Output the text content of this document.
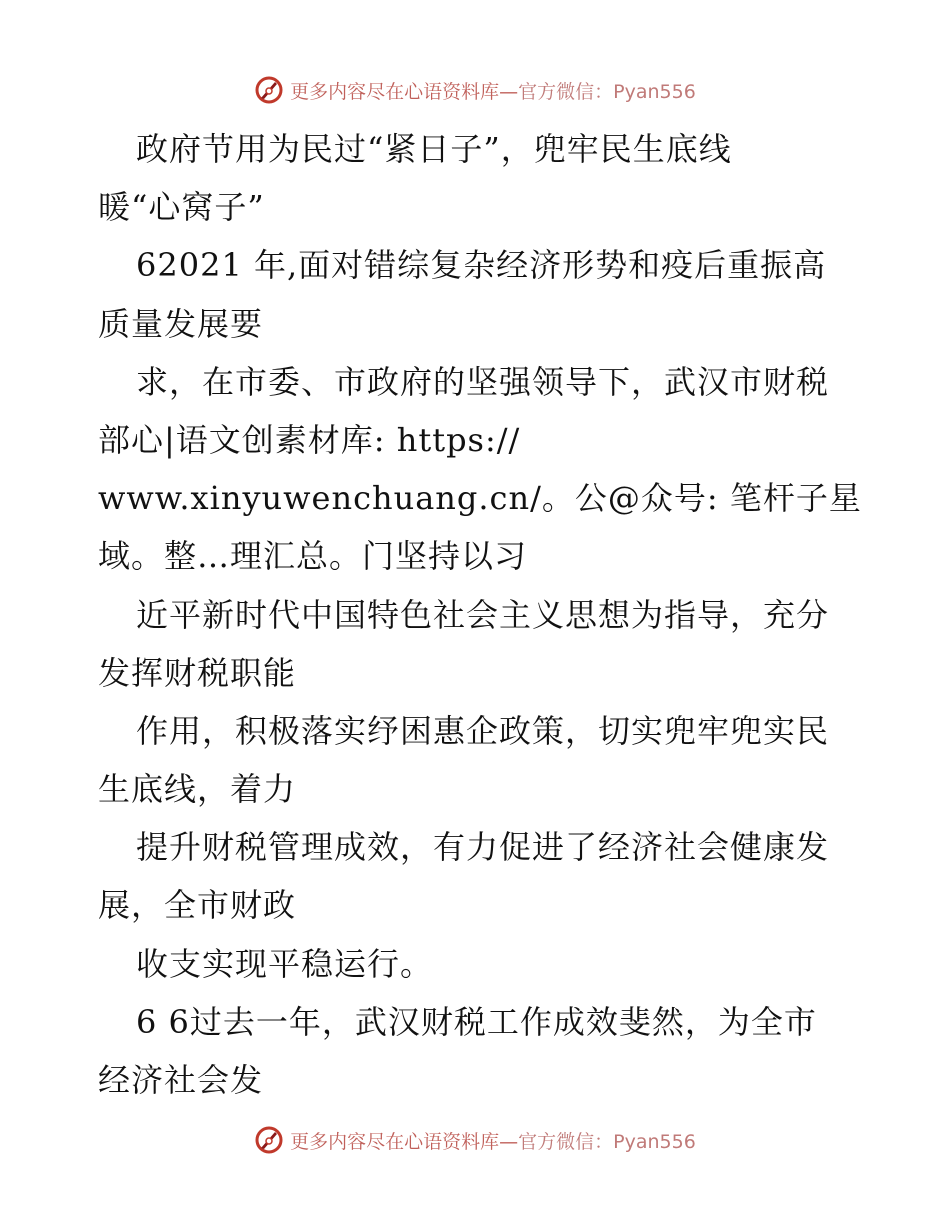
更多内容尽在心语资料库—官方微信：Pyan556
政府节用为民过“紧日子”，兜牢民生底线
暖“心窝子”
62021 年,面对错综复杂经济形势和疫后重振高
质量发展要
求，在市委、市政府的坚强领导下，武汉市财税
部心|语文创素材库: https://
www.xinyuwenchuang.cn/。公@众号: 笔杆子星
域。整…理汇总。门坚持以习
近平新时代中国特色社会主义思想为指导，充分
发挥财税职能
作用，积极落实纾困惠企政策，切实兜牢兜实民
生底线，着力
提升财税管理成效，有力促进了经济社会健康发
展，全市财政
收支实现平稳运行。
6 6过去一年，武汉财税工作成效斐然，为全市
经济社会发
更多内容尽在心语资料库—官方微信：Pyan556
